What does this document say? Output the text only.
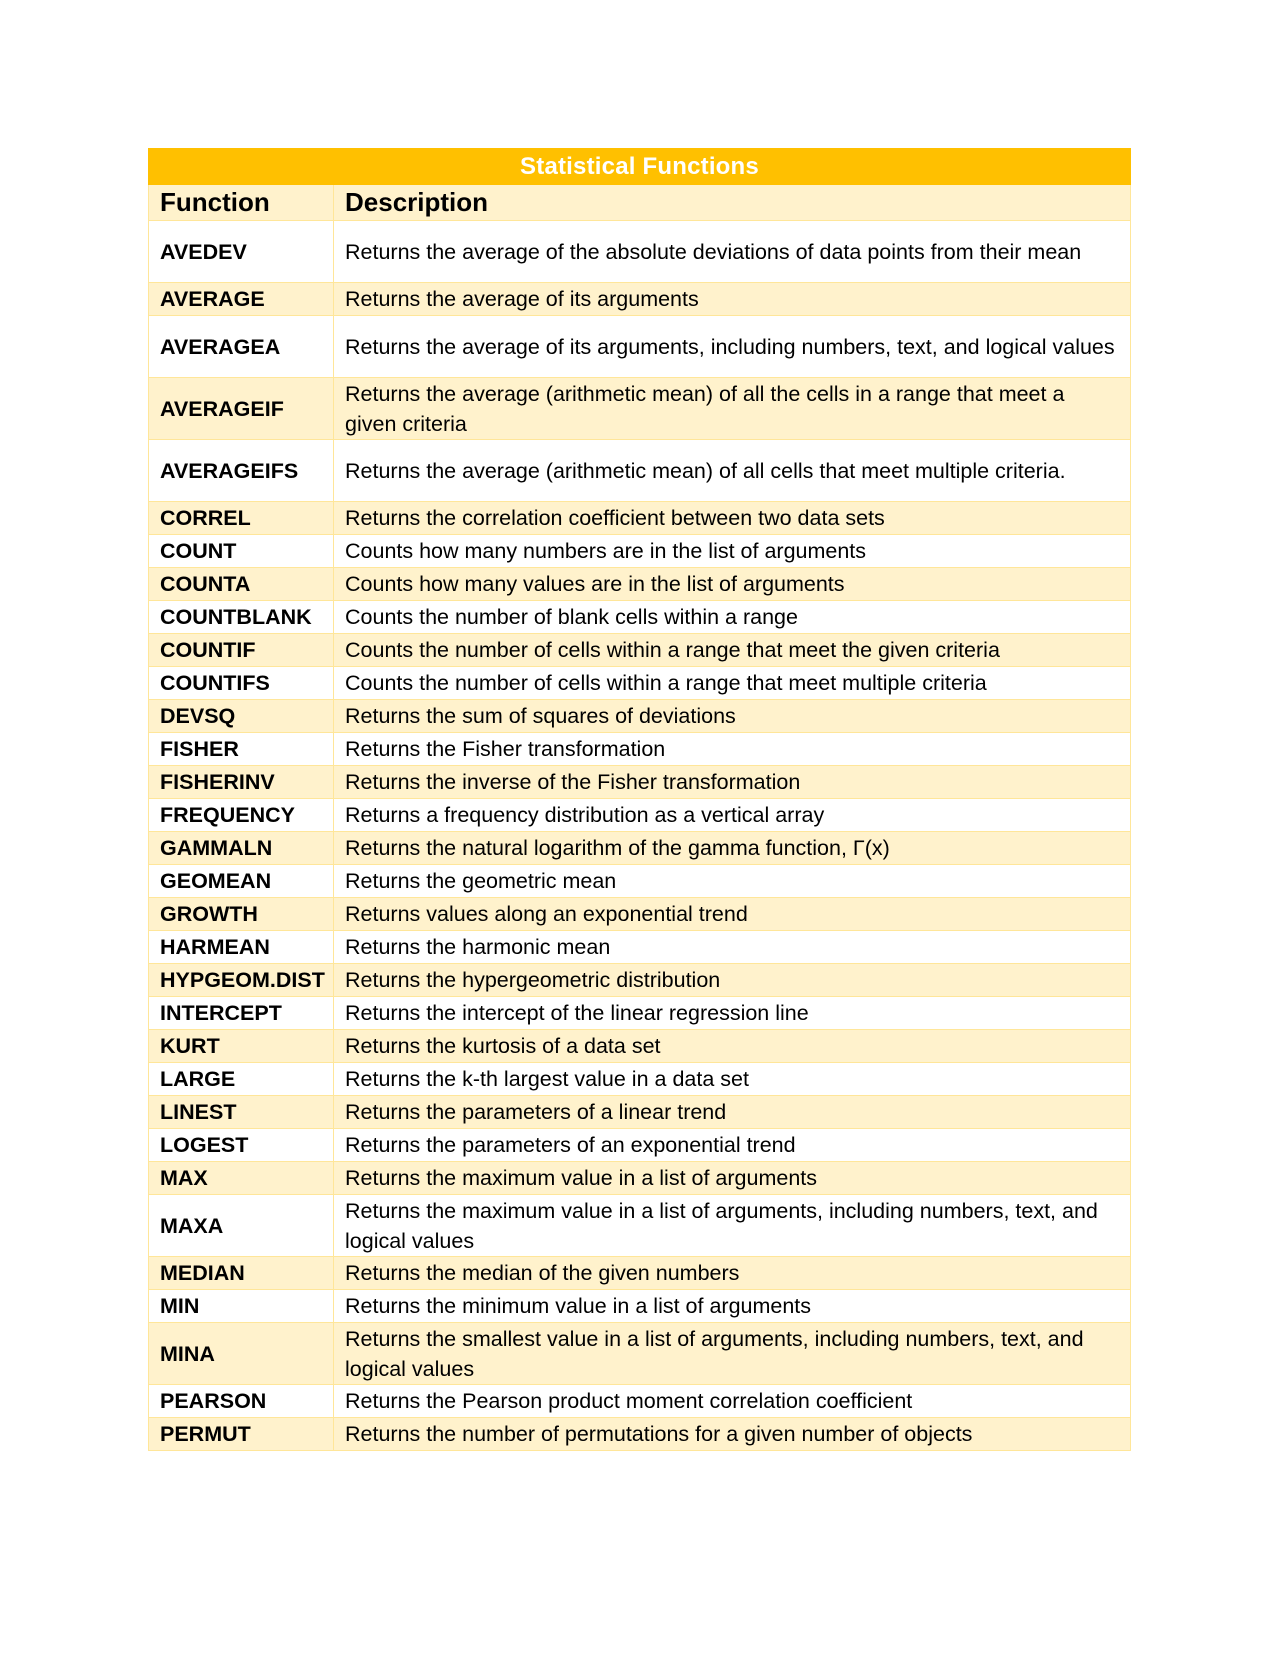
Statistical Functions	
Function	Description
AVEDEV	Returns the average of the absolute deviations of data points from their mean
AVERAGE	Returns the average of its arguments
AVERAGEA	Returns the average of its arguments, including numbers, text, and logical values
AVERAGEIF	Returns the average (arithmetic mean) of all the cells in a range that meet a given criteria
AVERAGEIFS	Returns the average (arithmetic mean) of all cells that meet multiple criteria.
CORREL	Returns the correlation coefficient between two data sets
COUNT	Counts how many numbers are in the list of arguments
COUNTA	Counts how many values are in the list of arguments
COUNTBLANK	Counts the number of blank cells within a range
COUNTIF	Counts the number of cells within a range that meet the given criteria
COUNTIFS	Counts the number of cells within a range that meet multiple criteria
DEVSQ	Returns the sum of squares of deviations
FISHER	Returns the Fisher transformation
FISHERINV	Returns the inverse of the Fisher transformation
FREQUENCY	Returns a frequency distribution as a vertical array
GAMMALN	Returns the natural logarithm of the gamma function, Γ(x)
GEOMEAN	Returns the geometric mean
GROWTH	Returns values along an exponential trend
HARMEAN	Returns the harmonic mean
HYPGEOM.DIST	Returns the hypergeometric distribution
INTERCEPT	Returns the intercept of the linear regression line
KURT	Returns the kurtosis of a data set
LARGE	Returns the k-th largest value in a data set
LINEST	Returns the parameters of a linear trend
LOGEST	Returns the parameters of an exponential trend
MAX	Returns the maximum value in a list of arguments
MAXA	Returns the maximum value in a list of arguments, including numbers, text, and logical values
MEDIAN	Returns the median of the given numbers
MIN	Returns the minimum value in a list of arguments
MINA	Returns the smallest value in a list of arguments, including numbers, text, and logical values
PEARSON	Returns the Pearson product moment correlation coefficient
PERMUT	Returns the number of permutations for a given number of objects
